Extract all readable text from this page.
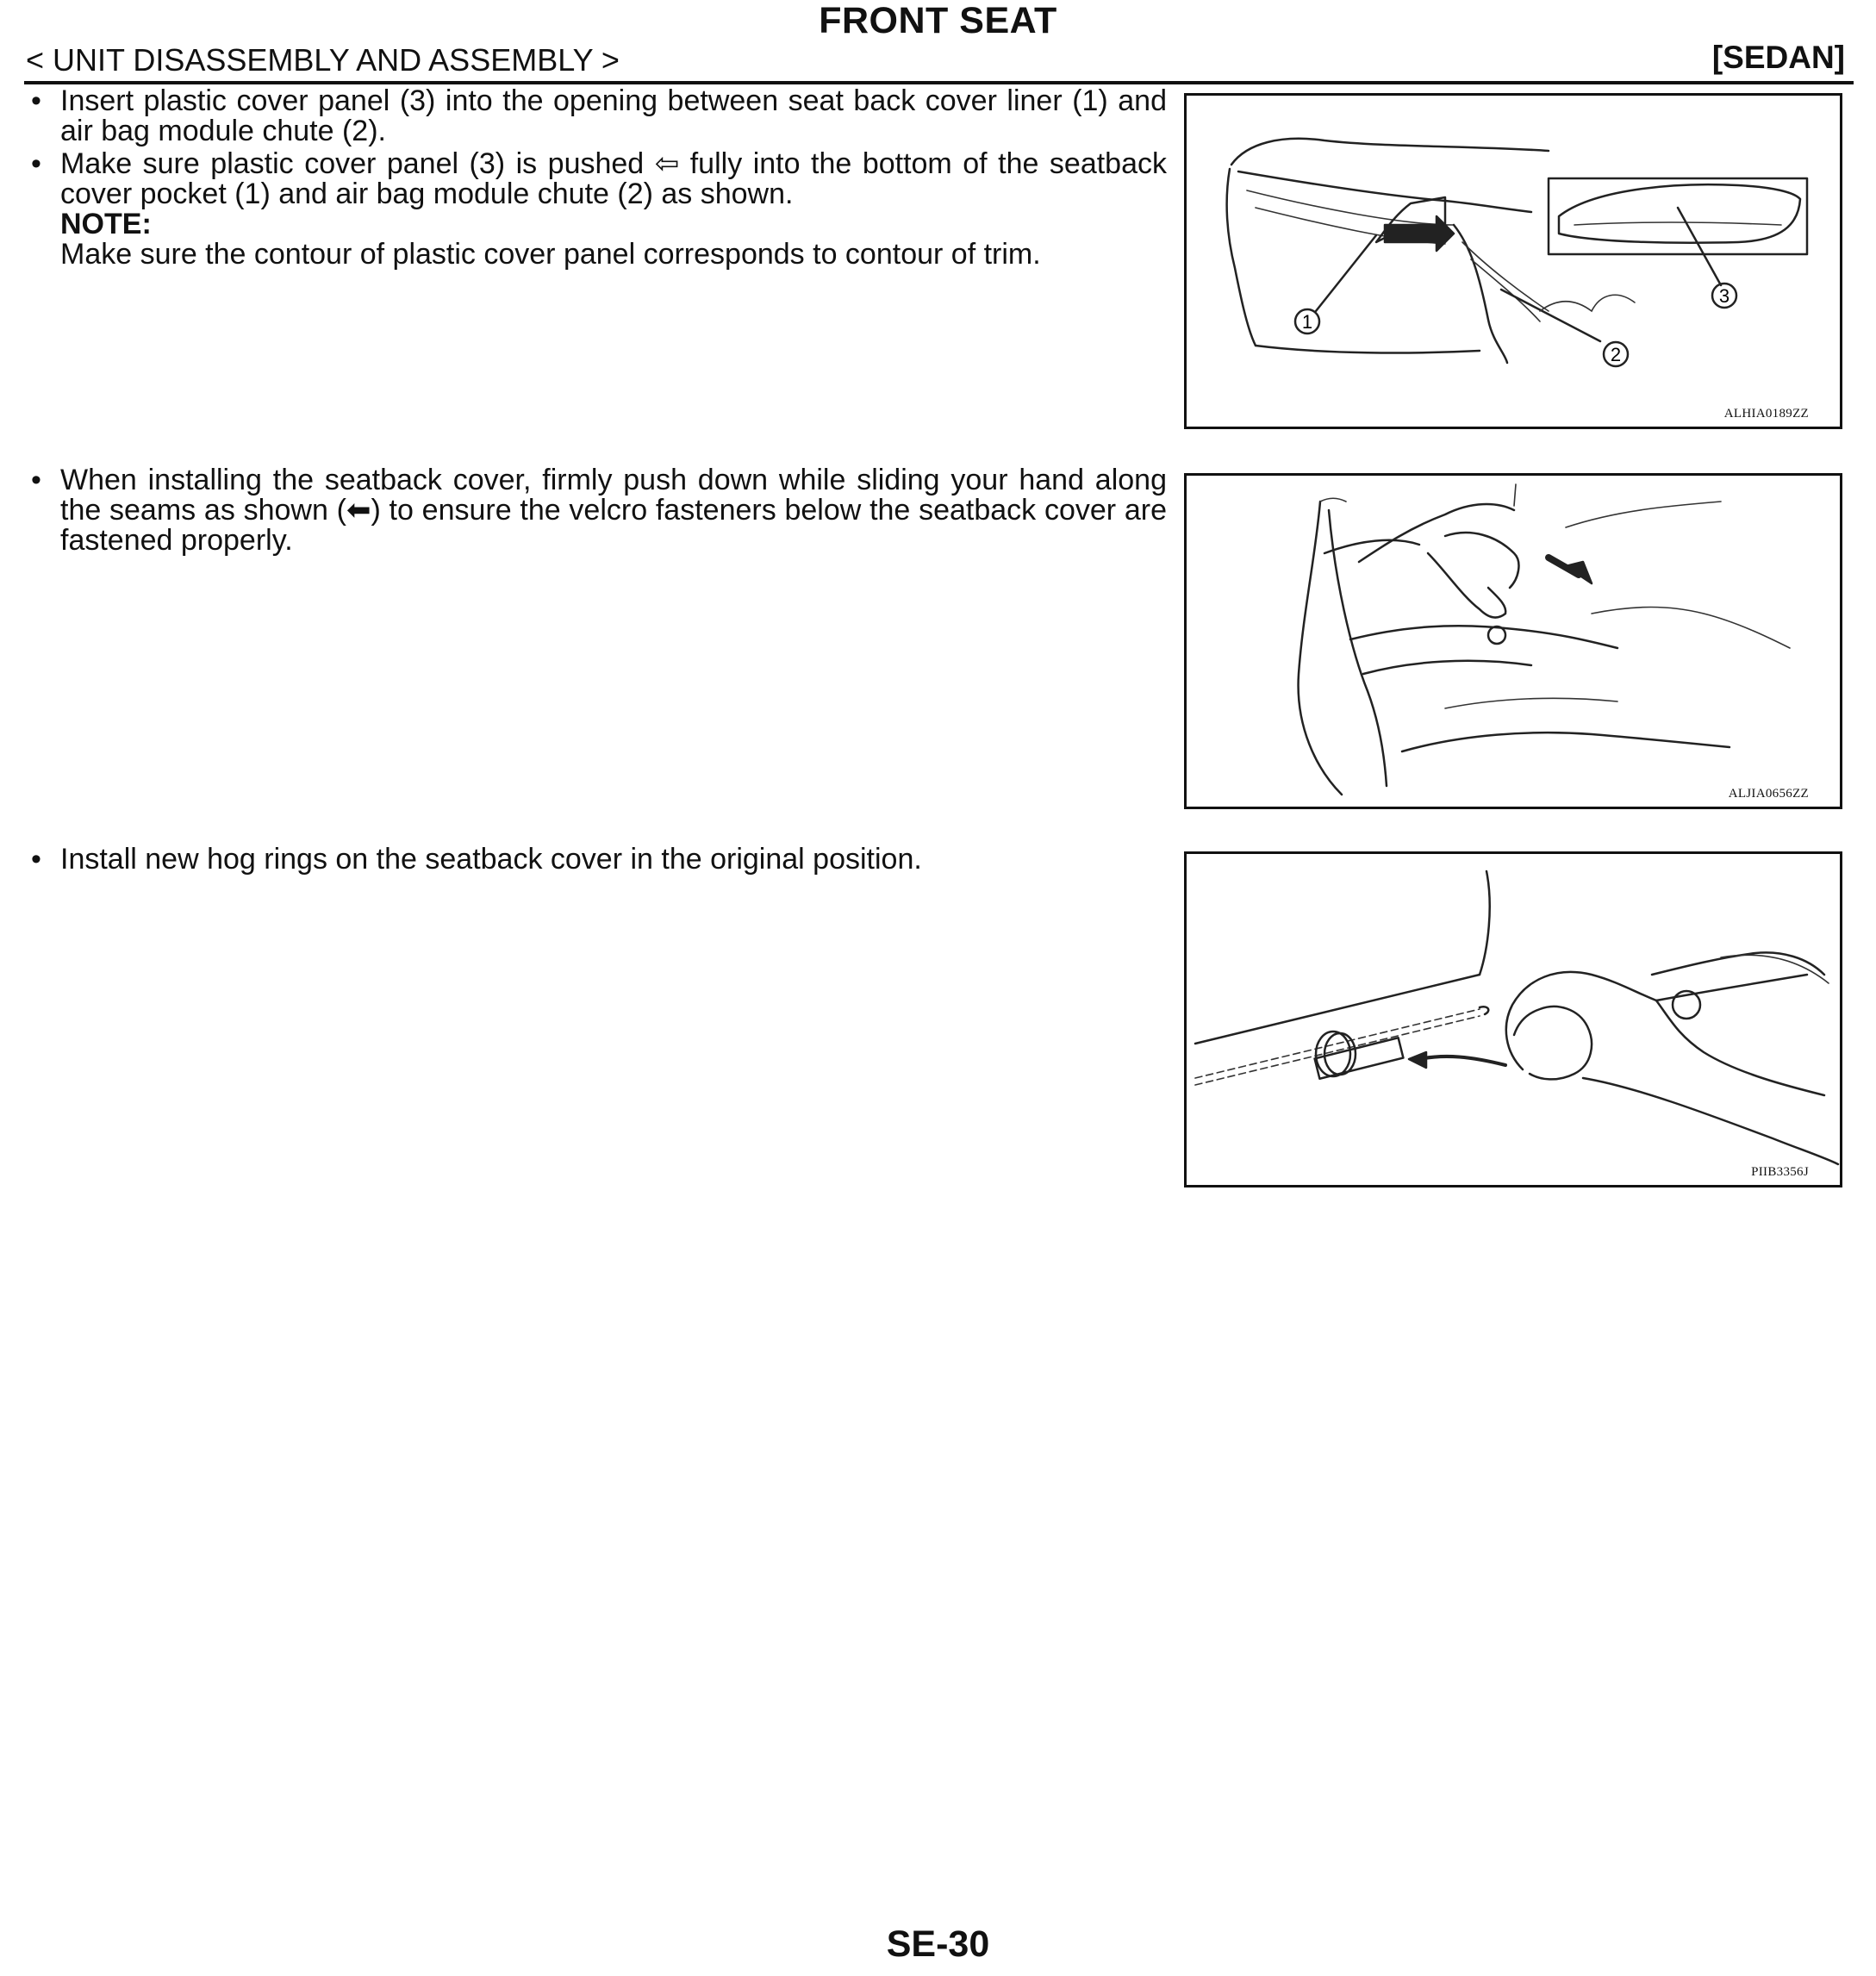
FRONT SEAT
< UNIT DISASSEMBLY AND ASSEMBLY >	[SEDAN]
• Insert plastic cover panel (3) into the opening between seat back cover liner (1) and air bag module chute (2).
• Make sure plastic cover panel (3) is pushed ⇦ fully into the bottom of the seatback cover pocket (1) and air bag module chute (2) as shown.
NOTE:
Make sure the contour of plastic cover panel corresponds to contour of trim.
1
2
3
ALHIA0189ZZ
• When installing the seatback cover, firmly push down while sliding your hand along the seams as shown (⬅) to ensure the velcro fasteners below the seatback cover are fastened properly.
ALJIA0656ZZ
• Install new hog rings on the seatback cover in the original position.
PIIB3356J
SE-30
